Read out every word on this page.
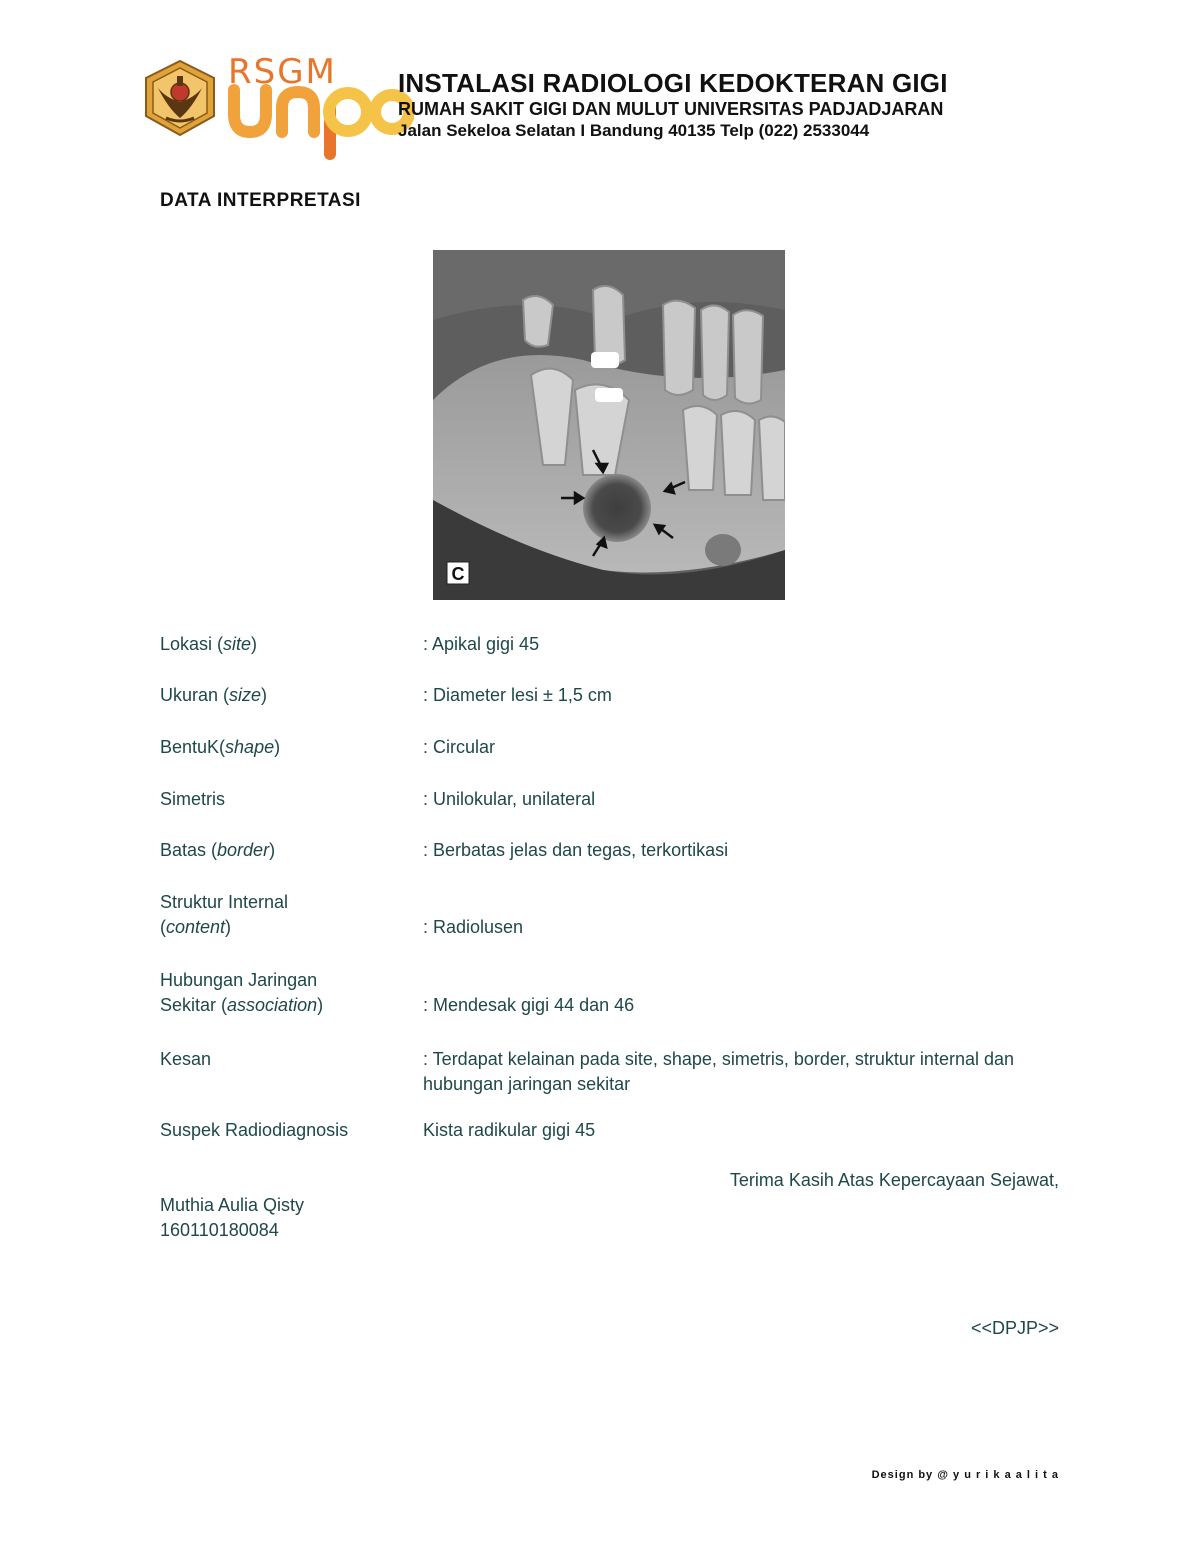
RSGM INSTALASI RADIOLOGI KEDOKTERAN GIGI
RUMAH SAKIT GIGI DAN MULUT UNIVERSITAS PADJADJARAN
Jalan Sekeloa Selatan I Bandung 40135 Telp (022) 2533044
DATA INTERPRETASI
C
Lokasi (site)	: Apikal gigi 45
Ukuran (size)	: Diameter lesi ± 1,5 cm
BentuK(shape)	: Circular
Simetris	: Unilokular, unilateral
Batas (border)	: Berbatas jelas dan tegas, terkortikasi
Struktur Internal
(content)	: Radiolusen
Hubungan Jaringan
Sekitar (association)	: Mendesak gigi 44 dan 46
Kesan	: Terdapat kelainan pada site, shape, simetris, border, struktur internal dan hubungan jaringan sekitar
Suspek Radiodiagnosis	Kista radikular gigi 45
Terima Kasih Atas Kepercayaan Sejawat,
Muthia Aulia Qisty
160110180084
<<DPJP>>
Design by @ y u r i k a a l i t a
